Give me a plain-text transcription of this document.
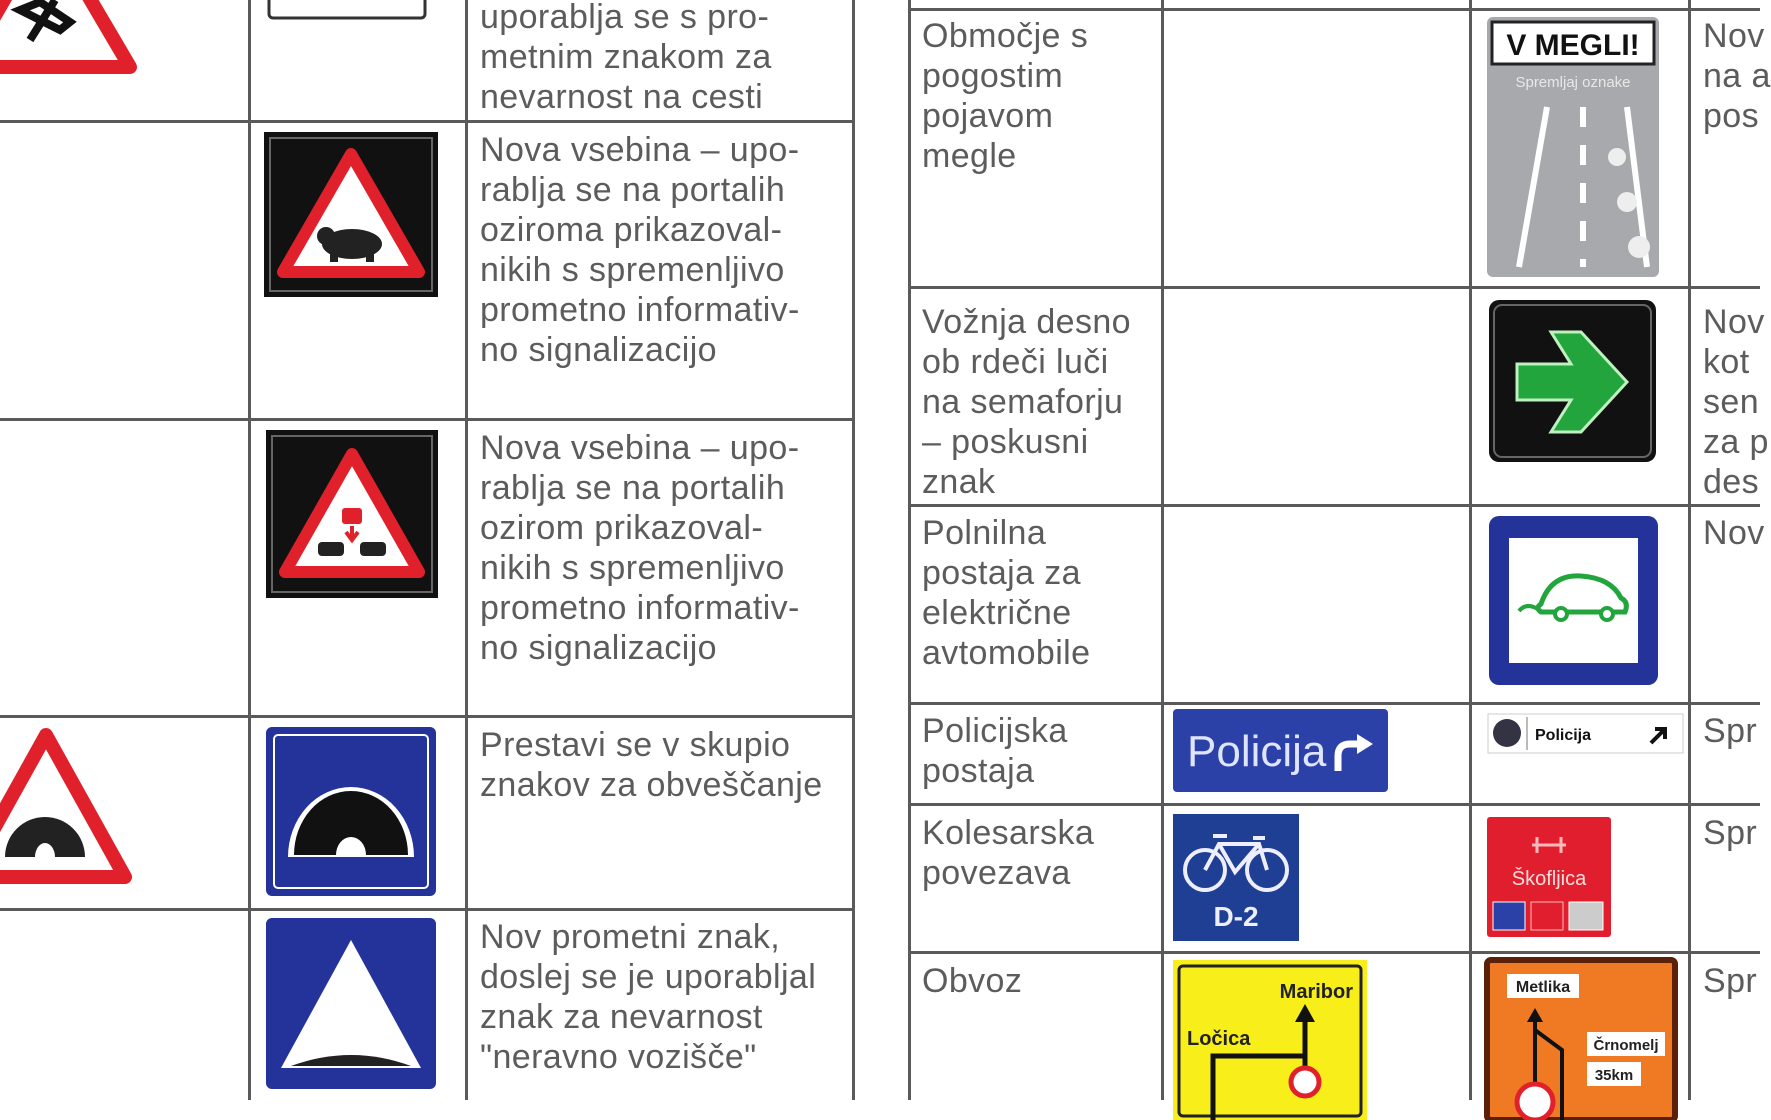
V MEGLI!
Spremljaj oznake
Policija	Policija
D-2
Škofljica
Maribor
Ločica
Metlika
Črnomelj
35km
uporablja se s pro-
metnim znakom za
nevarnost na cesti
Nova vsebina – upo-
rablja se na portalih
oziroma prikazoval-
nikih s spremenljivo
prometno informativ-
no signalizacijo
Nova vsebina – upo-
rablja se na portalih
ozirom prikazoval-
nikih s spremenljivo
prometno informativ-
no signalizacijo
Prestavi se v skupio
znakov za obveščanje
Nov prometni znak,
doslej se je uporabljal
znak za nevarnost
"neravno vozišče"
Območje s
pogostim
pojavom
megle
Vožnja desno
ob rdeči luči
na semaforju
– poskusni
znak
Polnilna
postaja za
električne
avtomobile
Policijska
postaja
Kolesarska
povezava
Obvoz
Nov
na a
pos
Nov
kot
sen
za p
des
Nov
Spr
Spr
Spr
